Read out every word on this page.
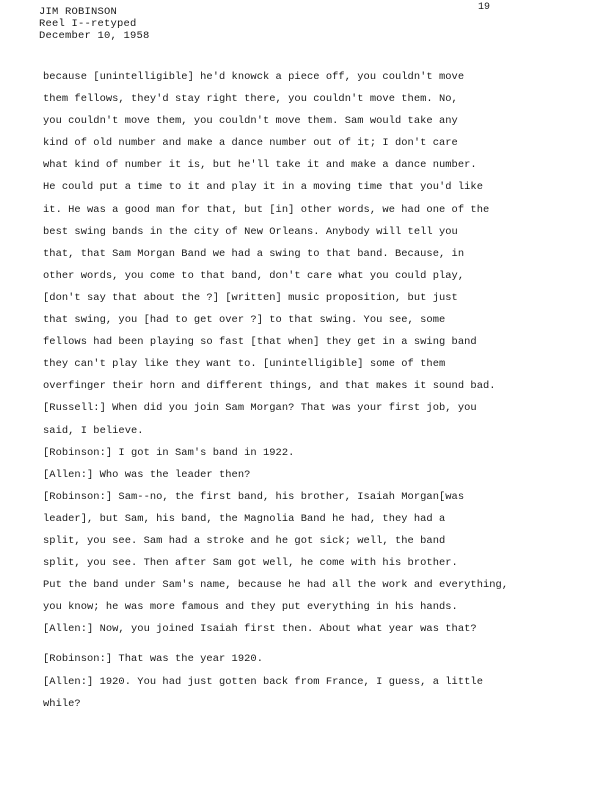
JIM ROBINSON
Reel I--retyped
December 10, 1958
19
because [unintelligible] he'd knowck a piece off, you couldn't move
them fellows, they'd stay right there, you couldn't move them. No,
you couldn't move them, you couldn't move them. Sam would take any
kind of old number and make a dance number out of it; I don't care
what kind of number it is, but he'll take it and make a dance number.
He could put a time to it and play it in a moving time that you'd like
it. He was a good man for that, but [in] other words, we had one of the
best swing bands in the city of New Orleans. Anybody will tell you
that, that Sam Morgan Band we had a swing to that band. Because, in
other words, you come to that band, don't care what you could play,
[don't say that about the ?] [written] music proposition, but just
that swing, you [had to get over ?] to that swing. You see, some
fellows had been playing so fast [that when] they get in a swing band
they can't play like they want to. [unintelligible] some of them
overfinger their horn and different things, and that makes it sound bad.
[Russell:] When did you join Sam Morgan? That was your first job, you
said, I believe.
[Robinson:] I got in Sam's band in 1922.
[Allen:] Who was the leader then?
[Robinson:] Sam--no, the first band, his brother, Isaiah Morgan[was
leader], but Sam, his band, the Magnolia Band he had, they had a
split, you see. Sam had a stroke and he got sick; well, the band
split, you see. Then after Sam got well, he come with his brother.
Put the band under Sam's name, because he had all the work and everything,
you know; he was more famous and they put everything in his hands.
[Allen:] Now, you joined Isaiah first then. About what year was that?
[Robinson:] That was the year 1920.
[Allen:] 1920. You had just gotten back from France, I guess, a little
while?
